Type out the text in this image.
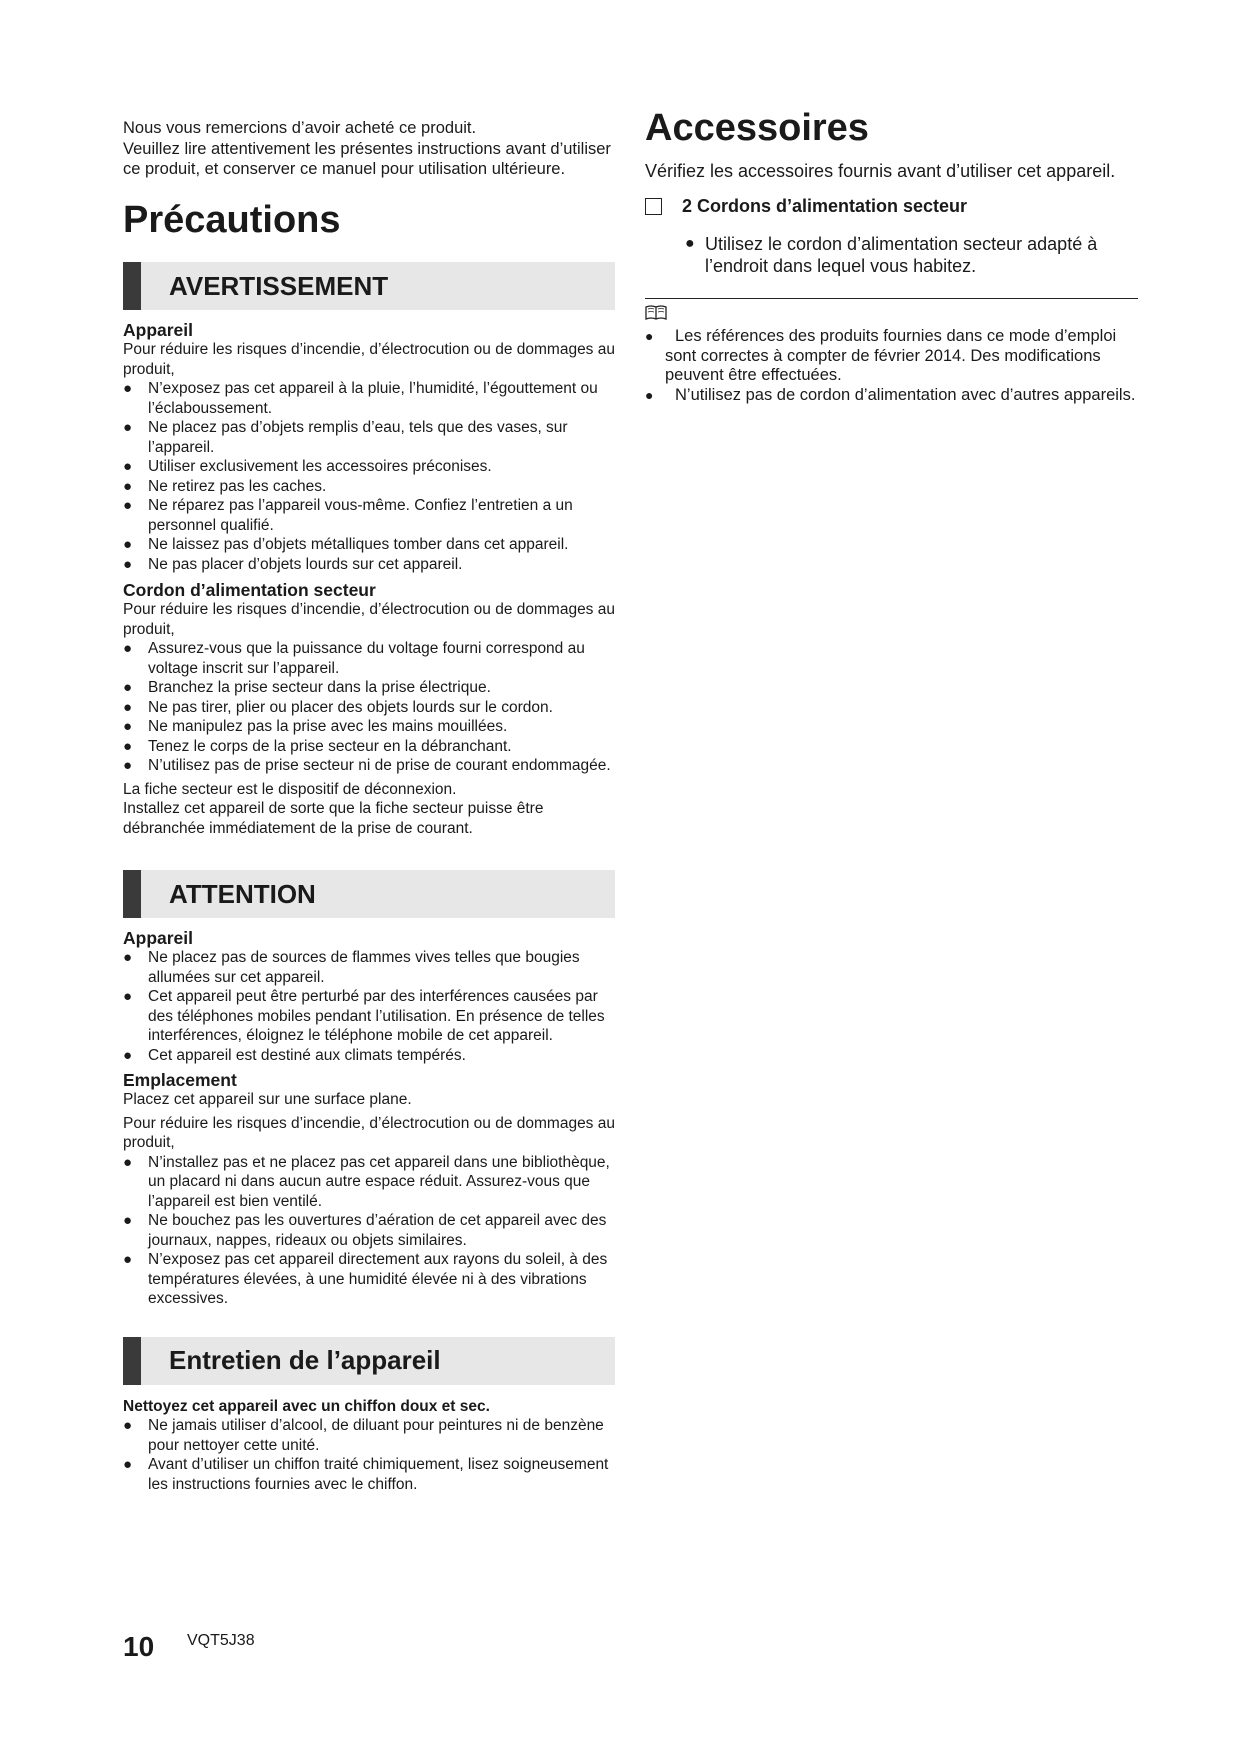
Nous vous remercions d’avoir acheté ce produit.

Veuillez lire attentivement les présentes instructions avant d’utiliser ce produit, et conserver ce manuel pour utilisation ultérieure.

Précautions
AVERTISSEMENT

Appareil

Pour réduire les risques d’incendie, d’électrocution ou de dommages au produit,

● N’exposez pas cet appareil à la pluie, l’humidité, l’égouttement ou l’éclaboussement.
● Ne placez pas d’objets remplis d’eau, tels que des vases, sur l’appareil.
● Utiliser exclusivement les accessoires préconises.
● Ne retirez pas les caches.
● Ne réparez pas l’appareil vous-même. Confiez l’entretien a un personnel qualifié.
● Ne laissez pas d’objets métalliques tomber dans cet appareil.
● Ne pas placer d’objets lourds sur cet appareil.

Cordon d’alimentation secteur

Pour réduire les risques d’incendie, d’électrocution ou de dommages au produit,

● Assurez-vous que la puissance du voltage fourni correspond au voltage inscrit sur l’appareil.
● Branchez la prise secteur dans la prise électrique.
● Ne pas tirer, plier ou placer des objets lourds sur le cordon.
● Ne manipulez pas la prise avec les mains mouillées.
● Tenez le corps de la prise secteur en la débranchant.
● N’utilisez pas de prise secteur ni de prise de courant endommagée.

La fiche secteur est le dispositif de déconnexion.

Installez cet appareil de sorte que la fiche secteur puisse être débranchée immédiatement de la prise de courant.

ATTENTION

Appareil

● Ne placez pas de sources de flammes vives telles que bougies allumées sur cet appareil.
● Cet appareil peut être perturbé par des interférences causées par des téléphones mobiles pendant l’utilisation. En présence de telles interférences, éloignez le téléphone mobile de cet appareil.
● Cet appareil est destiné aux climats tempérés.

Emplacement

Placez cet appareil sur une surface plane.

Pour réduire les risques d’incendie, d’électrocution ou de dommages au produit,

● N’installez pas et ne placez pas cet appareil dans une bibliothèque, un placard ni dans aucun autre espace réduit. Assurez-vous que l’appareil est bien ventilé.
● Ne bouchez pas les ouvertures d’aération de cet appareil avec des journaux, nappes, rideaux ou objets similaires.
● N’exposez pas cet appareil directement aux rayons du soleil, à des températures élevées, à une humidité élevée ni à des vibrations excessives.
Entretien de l’appareil

Nettoyez cet appareil avec un chiffon doux et sec.

● Ne jamais utiliser d’alcool, de diluant pour peintures ni de benzène pour nettoyer cette unité.
● Avant d’utiliser un chiffon traité chimiquement, lisez soigneusement les instructions fournies avec le chiffon.
Accessoires

Vérifiez les accessoires fournis avant d’utiliser cet appareil.

2 Cordons d’alimentation secteur

● Utilisez le cordon d’alimentation secteur adapté à l’endroit dans lequel vous habitez.

● Les références des produits fournies dans ce mode d’emploi sont correctes à compter de février 2014. Des modifications peuvent être effectuées.
● N’utilisez pas de cordon d’alimentation avec d’autres appareils.
10 VQT5J38
